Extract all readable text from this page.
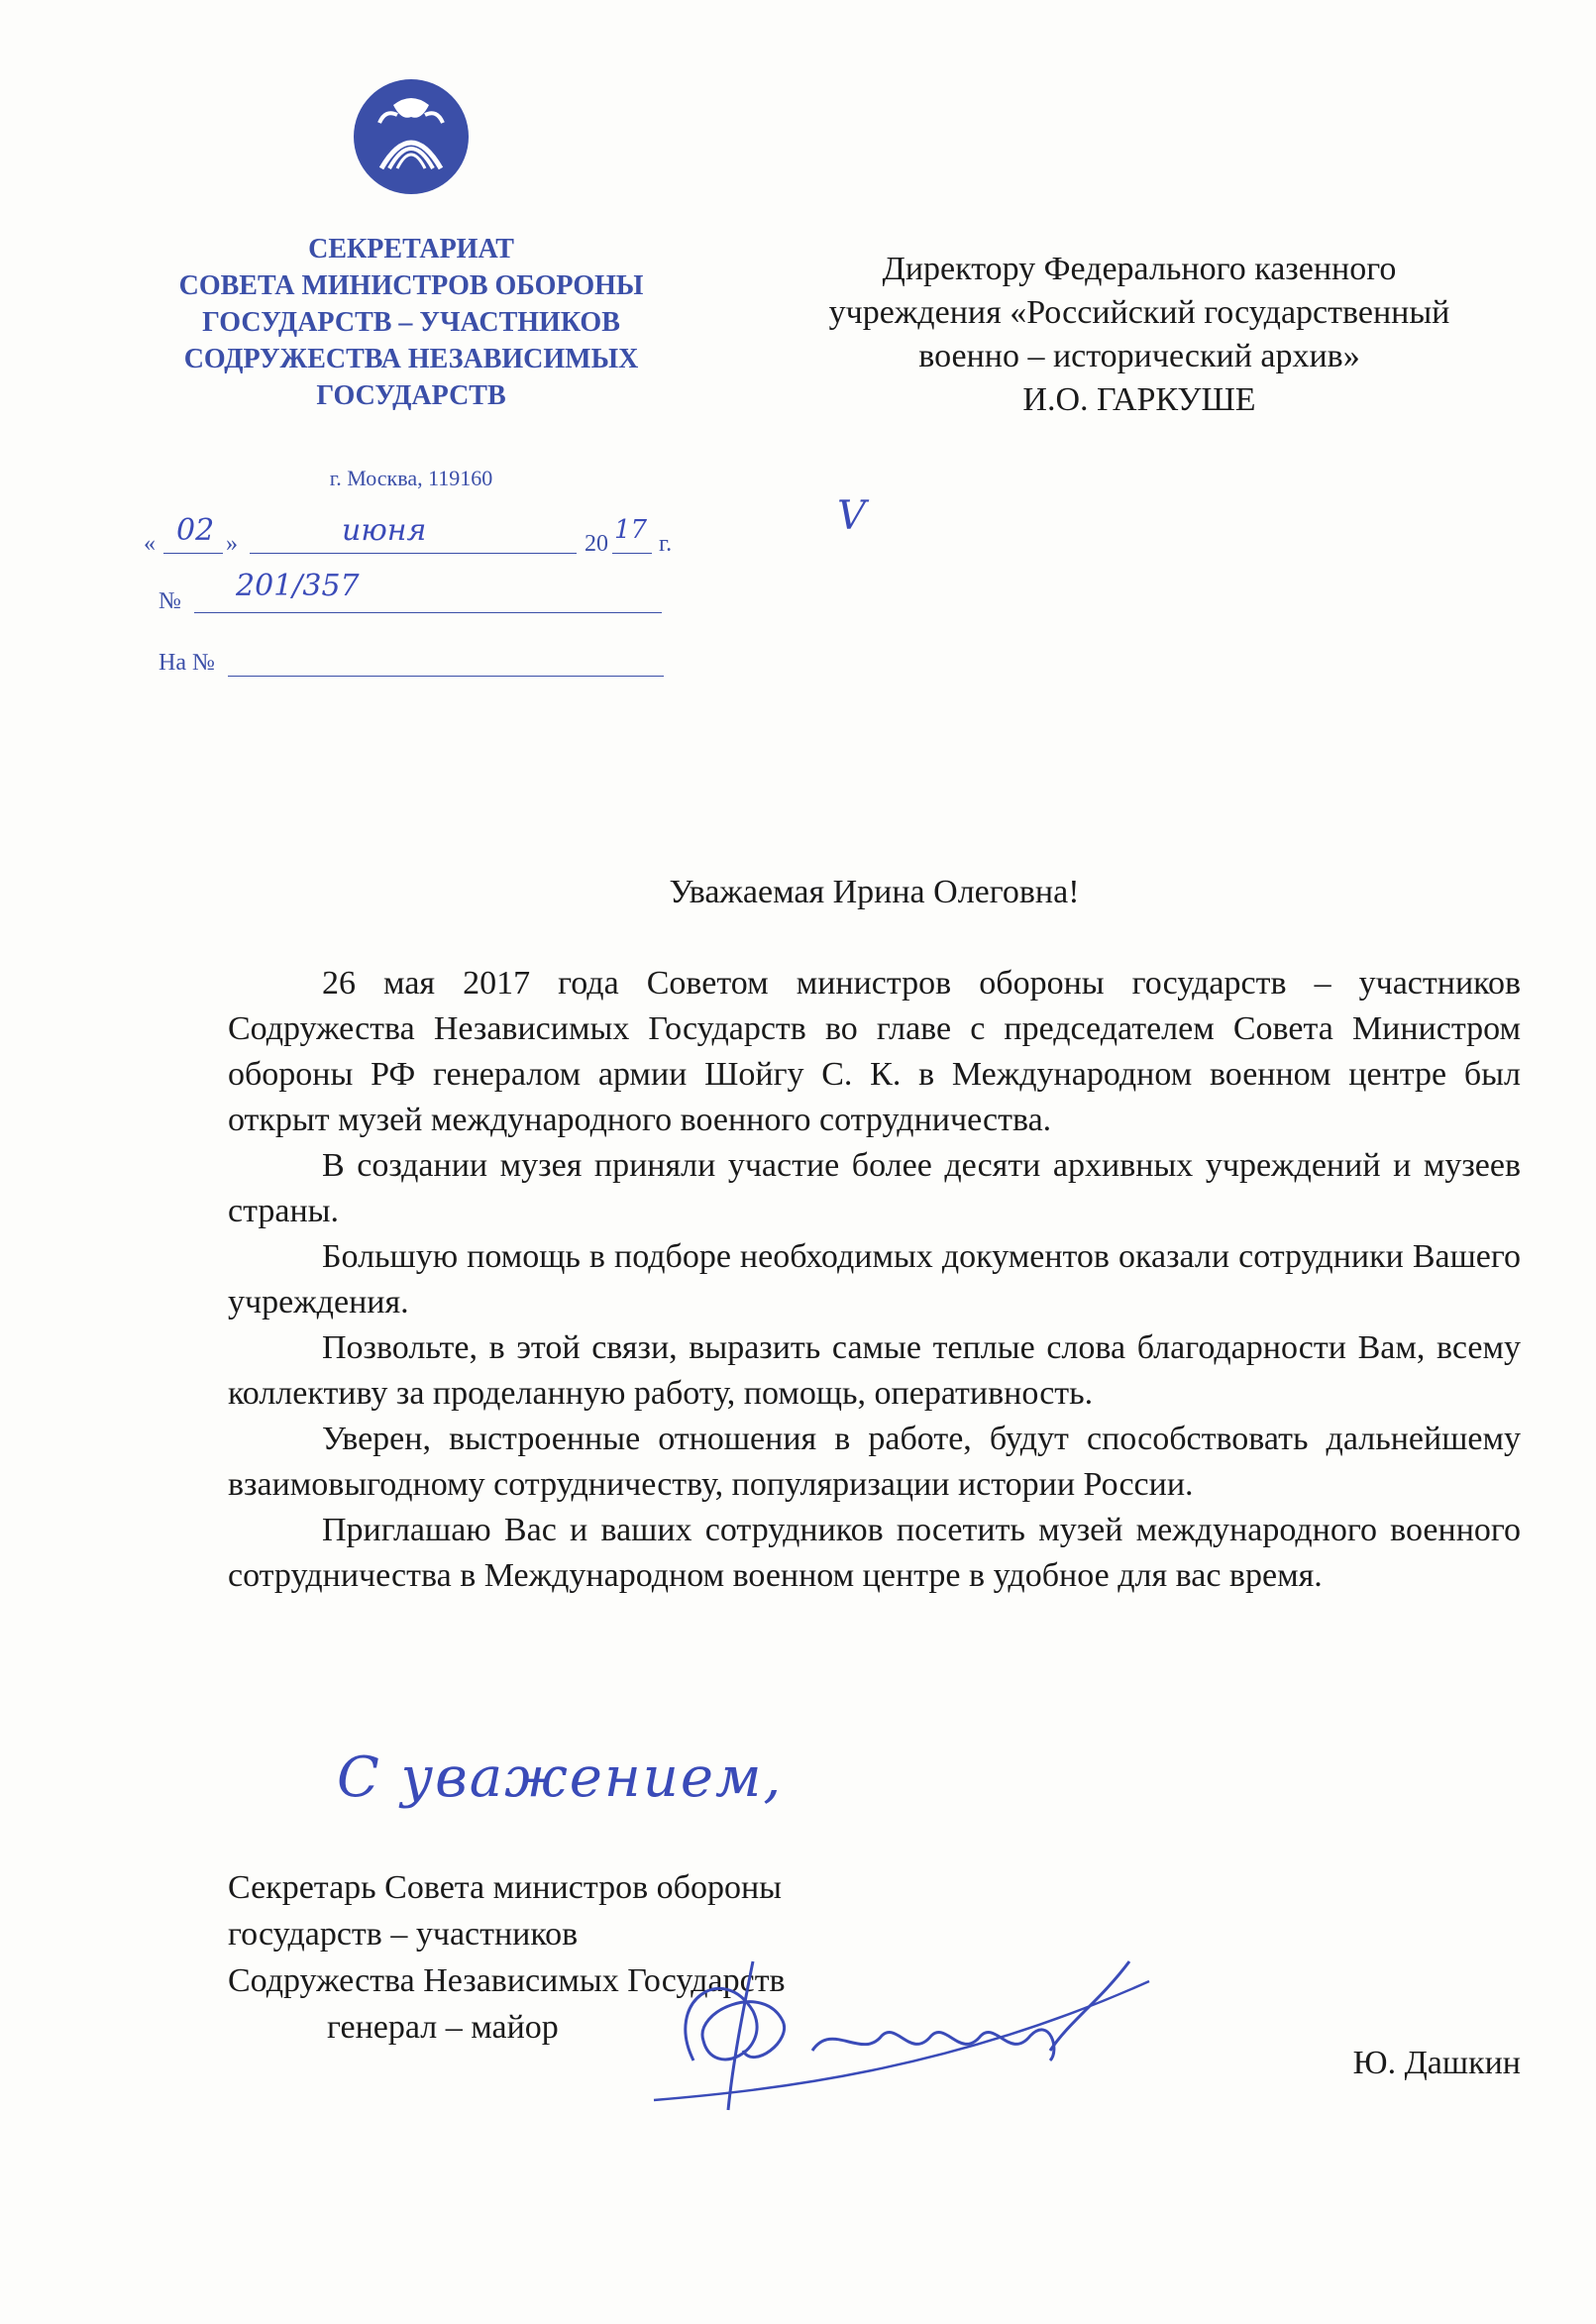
СЕКРЕТАРИАТ
СОВЕТА МИНИСТРОВ ОБОРОНЫ
ГОСУДАРСТВ – УЧАСТНИКОВ
СОДРУЖЕСТВА НЕЗАВИСИМЫХ
ГОСУДАРСТВ
г. Москва, 119160
« 02 »	июня	20 17 г.
№ 201/357
На №
Директору Федерального казенного
учреждения «Российский государственный
военно – исторический архив»
И.О. ГАРКУШЕ
V
Уважаемая Ирина Олеговна!

26 мая 2017 года Советом министров обороны государств – участников Содружества Независимых Государств во главе с председателем Совета Министром обороны РФ генералом армии Шойгу С. К. в Международном военном центре был открыт музей международного военного сотрудничества.

В создании музея приняли участие более десяти архивных учреждений и музеев страны.

Большую помощь в подборе необходимых документов оказали сотрудники Вашего учреждения.

Позвольте, в этой связи, выразить самые теплые слова благодарности Вам, всему коллективу за проделанную работу, помощь, оперативность.

Уверен, выстроенные отношения в работе, будут способствовать дальнейшему взаимовыгодному сотрудничеству, популяризации истории России.

Приглашаю Вас и ваших сотрудников посетить музей международного военного сотрудничества в Международном военном центре в удобное для вас время.

С уважением,
Секретарь Совета министров обороны
государств – участников
Содружества Независимых Государств
генерал – майор
Ю. Дашкин
